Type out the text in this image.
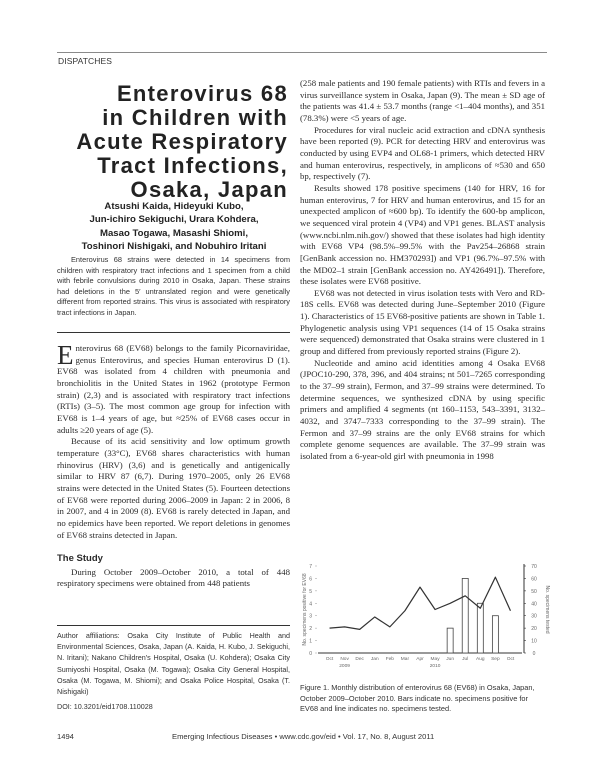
DISPATCHES
Enterovirus 68
in Children with
Acute Respiratory
Tract Infections,
Osaka, Japan
Atsushi Kaida, Hideyuki Kubo,
Jun-ichiro Sekiguchi, Urara Kohdera,
Masao Togawa, Masashi Shiomi,
Toshinori Nishigaki, and Nobuhiro Iritani

Enterovirus 68 strains were detected in 14 specimens from children with respiratory tract infections and 1 specimen from a child with febrile convulsions during 2010 in Osaka, Japan. These strains had deletions in the 5′ untranslated region and were genetically different from reported strains. This virus is associated with respiratory tract infections in Japan.

Enterovirus 68 (EV68) belongs to the family Picornaviridae, genus Enterovirus, and species Human enterovirus D (1). EV68 was isolated from 4 children with pneumonia and bronchiolitis in the United States in 1962 (prototype Fermon strain) (2,3) and is associated with respiratory tract infections (RTIs) (3–5). The most common age group for infection with EV68 is 1–4 years of age, but ≈25% of EV68 cases occur in adults ≥20 years of age (5).

Because of its acid sensitivity and low optimum growth temperature (33°C), EV68 shares characteristics with human rhinovirus (HRV) (3,6) and is genetically and antigenically similar to HRV 87 (6,7). During 1970–2005, only 26 EV68 strains were detected in the United States (5). Fourteen detections of EV68 were reported during 2006–2009 in Japan: 2 in 2006, 8 in 2007, and 4 in 2009 (8). EV68 is rarely detected in Japan, and no epidemics have been reported. We report deletions in genomes of EV68 strains detected in Japan.

The Study

During October 2009–October 2010, a total of 448 respiratory specimens were obtained from 448 patients

Author affiliations: Osaka City Institute of Public Health and Environmental Sciences, Osaka, Japan (A. Kaida, H. Kubo, J. Sekiguchi, N. Iritani); Nakano Children's Hospital, Osaka (U. Kohdera); Osaka City Sumiyoshi Hospital, Osaka (M. Togawa); Osaka City General Hospital, Osaka (M. Togawa, M. Shiomi); and Osaka Police Hospital, Osaka (T. Nishigaki)
DOI: 10.3201/eid1708.110028

(258 male patients and 190 female patients) with RTIs and fevers in a virus surveillance system in Osaka, Japan (9). The mean ± SD age of the patients was 41.4 ± 53.7 months (range <1–404 months), and 351 (78.3%) were <5 years of age.

Procedures for viral nucleic acid extraction and cDNA synthesis have been reported (9). PCR for detecting HRV and enterovirus was conducted by using EVP4 and OL68-1 primers, which detected HRV and human enterovirus, respectively, in amplicons of ≈530 and 650 bp, respectively (7).

Results showed 178 positive specimens (140 for HRV, 16 for human enterovirus, 7 for HRV and human enterovirus, and 15 for an unexpected amplicon of ≈600 bp). To identify the 600-bp amplicon, we sequenced viral protein 4 (VP4) and VP1 genes. BLAST analysis (www.ncbi.nlm.nih.gov/) showed that these isolates had high identity with EV68 VP4 (98.5%–99.5% with the Pav254–26868 strain [GenBank accession no. HM370293]) and VP1 (96.7%–97.5% with the MD02–1 strain [GenBank accession no. AY426491]). Therefore, these isolates were EV68 positive.

EV68 was not detected in virus isolation tests with Vero and RD-18S cells. EV68 was detected during June–September 2010 (Figure 1). Characteristics of 15 EV68-positive patients are shown in Table 1. Phylogenetic analysis using VP1 sequences (14 of 15 Osaka strains were sequenced) demonstrated that Osaka strains were clustered in 1 group and differed from previously reported strains (Figure 2).

Nucleotide and amino acid identities among 4 Osaka EV68 (JPOC10-290, 378, 396, and 404 strains; nt 501–7265 corresponding to the 37–99 strain), Fermon, and 37–99 strains were determined. To determine sequences, we synthesized cDNA by using specific primers and amplified 4 segments (nt 160–1153, 543–3391, 3132–4032, and 3747–7333 corresponding to the 37–99 strain). The Fermon and 37–99 strains are the only EV68 strains for which complete genome sequences are available. The 37–99 strain was isolated from a 6-year-old girl with pneumonia in 1998

0
1
2
3
4
5
6
7
No. specimens positive for EV68
0
10
20
30
40
50
60
70
No. specimens tested
Oct Nov Dec Jan Feb Mar Apr May Jun Jul Aug Sep Oct
2009	2010
Figure 1. Monthly distribution of enterovirus 68 (EV68) in Osaka, Japan, October 2009–October 2010. Bars indicate no. specimens positive for EV68 and line indicates no. specimens tested.
1494	Emerging Infectious Diseases • www.cdc.gov/eid • Vol. 17, No. 8, August 2011
